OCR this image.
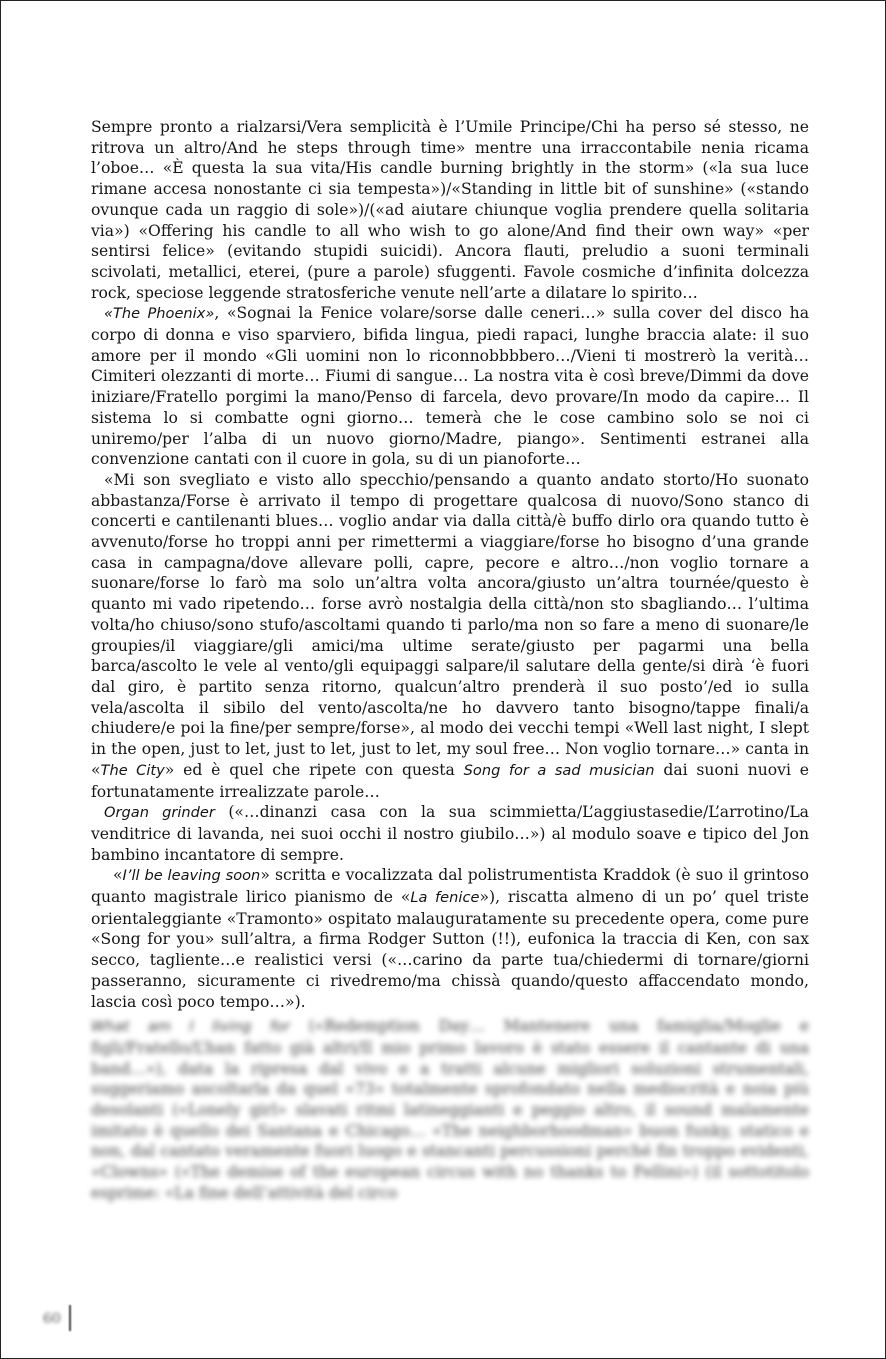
Sempre pronto a rialzarsi/Vera semplicità è l’Umile Principe/Chi ha perso sé stesso, ne ritrova un altro/And he steps through time» mentre una irraccontabile nenia ricama l’oboe… «È questa la sua vita/His candle burning brightly in the storm» («la sua luce rimane accesa nonostante ci sia tempesta»)/«Standing in little bit of sunshine» («stando ovunque cada un raggio di sole»)/(«ad aiutare chiunque voglia prendere quella solitaria via») «Offering his candle to all who wish to go alone/And find their own way» «per sentirsi felice» (evitando stupidi suicidi). Ancora flauti, preludio a suoni terminali scivolati, metallici, eterei, (pure a parole) sfuggenti. Favole cosmiche d’infinita dolcezza rock, speciose leggende stratosferiche venute nell’arte a dilatare lo spirito…

«The Phoenix», «Sognai la Fenice volare/sorse dalle ceneri…» sulla cover del disco ha corpo di donna e viso sparviero, bifida lingua, piedi rapaci, lunghe braccia alate: il suo amore per il mondo «Gli uomini non lo riconnobbbbero…/Vieni ti mostrerò la verità… Cimiteri olezzanti di morte… Fiumi di sangue… La nostra vita è così breve/Dimmi da dove iniziare/Fratello porgimi la mano/Penso di farcela, devo provare/In modo da capire… Il sistema lo si combatte ogni giorno… temerà che le cose cambino solo se noi ci uniremo/per l’alba di un nuovo giorno/Madre, piango». Sentimenti estranei alla convenzione cantati con il cuore in gola, su di un pianoforte…

«Mi son svegliato e visto allo specchio/pensando a quanto andato storto/Ho suonato abbastanza/Forse è arrivato il tempo di progettare qualcosa di nuovo/Sono stanco di concerti e cantilenanti blues… voglio andar via dalla città/è buffo dirlo ora quando tutto è avvenuto/forse ho troppi anni per rimettermi a viaggiare/forse ho bisogno d’una grande casa in campagna/dove allevare polli, capre, pecore e altro…/non voglio tornare a suonare/forse lo farò ma solo un’altra volta ancora/giusto un’altra tournée/questo è quanto mi vado ripetendo… forse avrò nostalgia della città/non sto sbagliando… l’ultima volta/ho chiuso/sono stufo/ascoltami quando ti parlo/ma non so fare a meno di suonare/le groupies/il viaggiare/gli amici/ma ultime serate/giusto per pagarmi una bella barca/ascolto le vele al vento/gli equipaggi salpare/il salutare della gente/si dirà ‘è fuori dal giro, è partito senza ritorno, qualcun’altro prenderà il suo posto’/ed io sulla vela/ascolta il sibilo del vento/ascolta/ne ho davvero tanto bisogno/tappe finali/a chiudere/e poi la fine/per sempre/forse», al modo dei vecchi tempi «Well last night, I slept in the open, just to let, just to let, just to let, my soul free… Non voglio tornare…» canta in «The City» ed è quel che ripete con questa Song for a sad musician dai suoni nuovi e fortunatamente irrealizzate parole…

Organ grinder («…dinanzi casa con la sua scimmietta/L’aggiustasedie/L’arrotino/La venditrice di lavanda, nei suoi occhi il nostro giubilo…») al modulo soave e tipico del Jon bambino incantatore di sempre.

«I’ll be leaving soon» scritta e vocalizzata dal polistrumentista Kraddok (è suo il grintoso quanto magistrale lirico pianismo de «La fenice»), riscatta almeno di un po’ quel triste orientaleggiante «Tramonto» ospitato malauguratamente su precedente opera, come pure «Song for you» sull’altra, a firma Rodger Sutton (!!), eufonica la traccia di Ken, con sax secco, tagliente…e realistici versi («…carino da parte tua/chiedermi di tornare/giorni passeranno, sicuramente ci rivedremo/ma chissà quando/questo affaccendato mondo, lascia così poco tempo…»).

What am I living for («Redemption Day… Mantenere una famiglia/Moglie e figli/Fratello/L’han fatto già altri/Il mio primo lavoro è stato essere il cantante di una band…»), data la ripresa dal vivo e a tratti alcune migliori soluzioni strumentali, suggeriamo ascoltarla da quel «73» totalmente sprofondato nella mediocrità e noia più desolanti («Lonely girl» slavati ritmi latineggianti e peggio altro, il sound malamente imitato è quello dei Santana e Chicago… «The neighborhoodman» buon funky, statico e non, dal cantato veramente fuori luogo e stancanti percussioni perché fin troppo evidenti, «Clowns» («The demise of the european circus with no thanks to Fellini») (il sottotitolo esprime: «La fine dell’attività del circo

60
